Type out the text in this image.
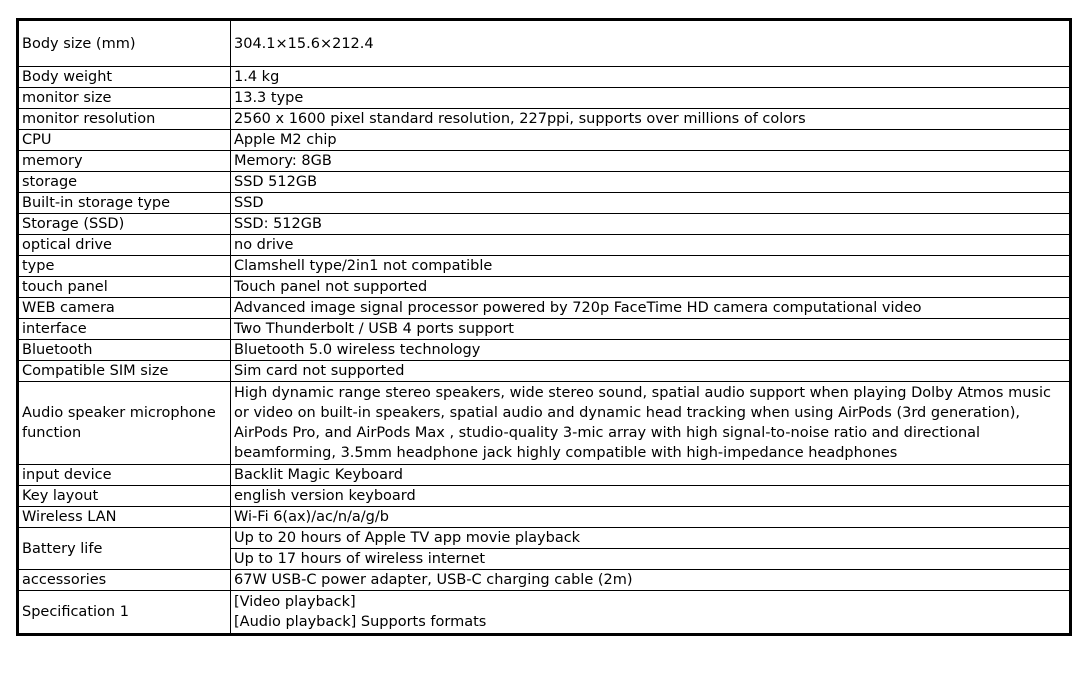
Body size (mm)	304.1×15.6×212.4
Body weight	1.4 kg
monitor size	13.3 type
monitor resolution	2560 x 1600 pixel standard resolution, 227ppi, supports over millions of colors
CPU	Apple M2 chip
memory	Memory: 8GB
storage	SSD 512GB
Built-in storage type	SSD
Storage (SSD)	SSD: 512GB
optical drive	no drive
type	Clamshell type/2in1 not compatible
touch panel	Touch panel not supported
WEB camera	Advanced image signal processor powered by 720p FaceTime HD camera computational video
interface	Two Thunderbolt / USB 4 ports support
Bluetooth	Bluetooth 5.0 wireless technology
Compatible SIM size	Sim card not supported
Audio speaker microphone function	High dynamic range stereo speakers, wide stereo sound, spatial audio support when playing Dolby Atmos music
or video on built-in speakers, spatial audio and dynamic head tracking when using AirPods (3rd generation),
AirPods Pro, and AirPods Max , studio-quality 3-mic array with high signal-to-noise ratio and directional
beamforming, 3.5mm headphone jack highly compatible with high-impedance headphones

input device	Backlit Magic Keyboard
Key layout	english version keyboard
Wireless LAN	Wi-Fi 6(ax)/ac/n/a/g/b
Battery life	Up to 20 hours of Apple TV app movie playback
	Up to 17 hours of wireless internet
accessories	67W USB-C power adapter, USB-C charging cable (2m)
Specification 1	[Video playback]
[Audio playback] Supports formats
